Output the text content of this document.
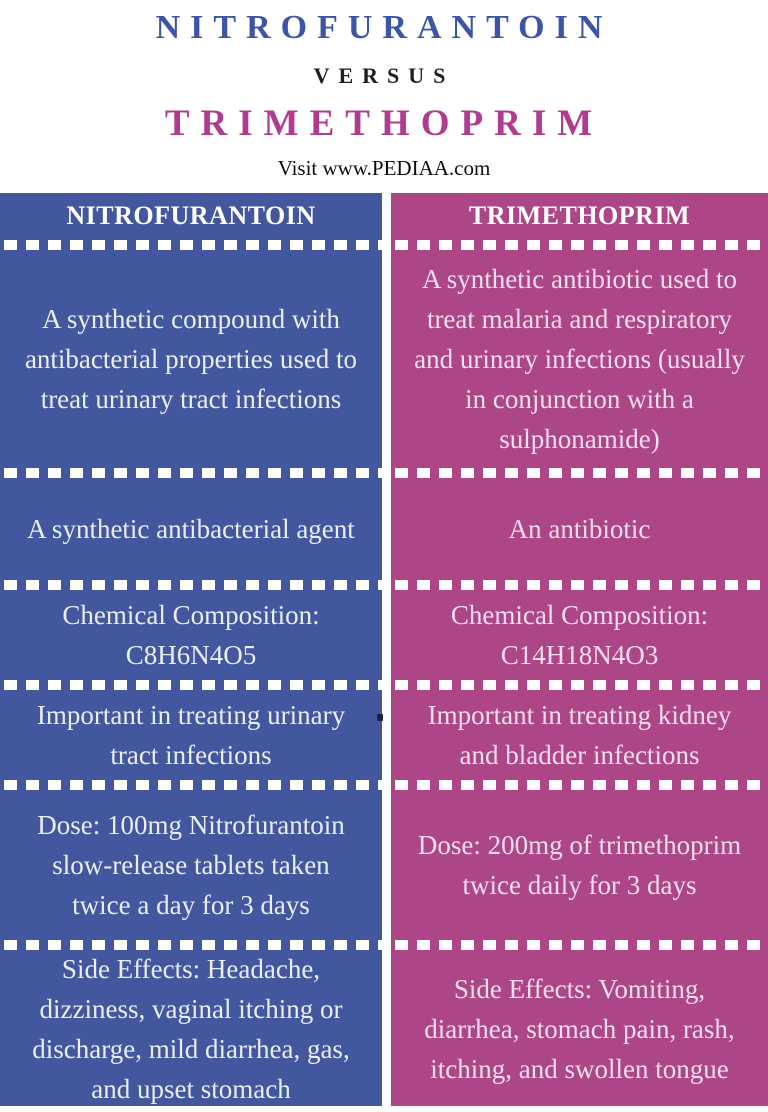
NITROFURANTOIN
VERSUS
TRIMETHOPRIM
Visit www.PEDIAA.com
NITROFURANTOIN
A synthetic compound with antibacterial properties used to treat urinary tract infections
A synthetic antibacterial agent
Chemical Composition: C8H6N4O5
Important in treating urinary tract infections
Dose: 100mg Nitrofurantoin slow-release tablets taken twice a day for 3 days
Side Effects: Headache, dizziness, vaginal itching or discharge, mild diarrhea, gas, and upset stomach
TRIMETHOPRIM
A synthetic antibiotic used to treat malaria and respiratory and urinary infections (usually in conjunction with a sulphonamide)
An antibiotic
Chemical Composition: C14H18N4O3
Important in treating kidney and bladder infections
Dose: 200mg of trimethoprim twice daily for 3 days
Side Effects: Vomiting, diarrhea, stomach pain, rash, itching, and swollen tongue
